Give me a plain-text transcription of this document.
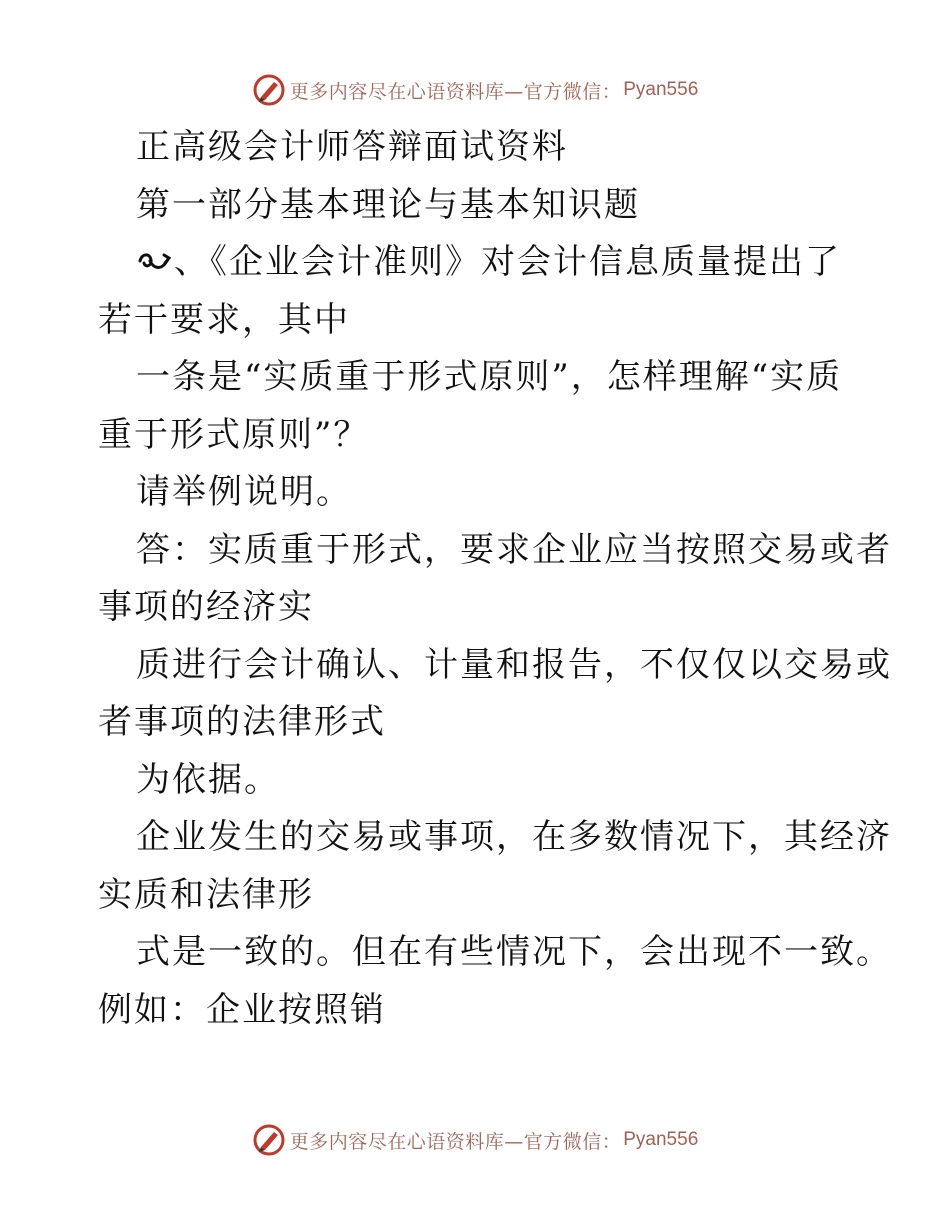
更多内容尽在心语资料库—官方微信： Pyan556
正高级会计师答辩面试资料
第一部分基本理论与基本知识题
、《企业会计准则》对会计信息质量提出了
若干要求，其中
一条是“实质重于形式原则”，怎样理解“实质
重于形式原则”？
请举例说明。
答：实质重于形式，要求企业应当按照交易或者
事项的经济实
质进行会计确认、计量和报告，不仅仅以交易或
者事项的法律形式
为依据。
企业发生的交易或事项，在多数情况下，其经济
实质和法律形
式是一致的。但在有些情况下，会出现不一致。
例如：企业按照销
更多内容尽在心语资料库—官方微信： Pyan556
